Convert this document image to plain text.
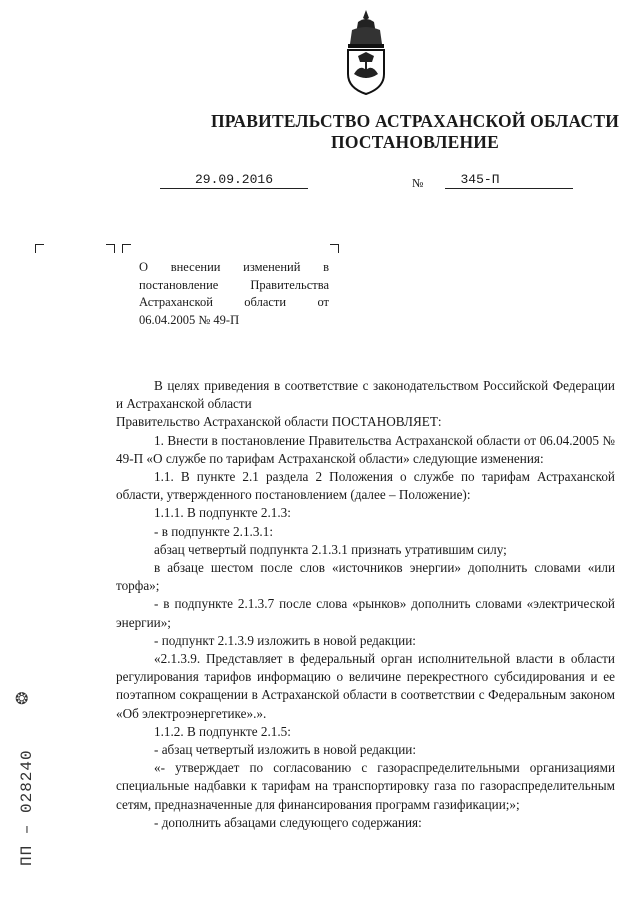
ПРАВИТЕЛЬСТВО АСТРАХАНСКОЙ ОБЛАСТИ
ПОСТАНОВЛЕНИЕ
29.09.2016	№	345-П
О внесении изменений в постановление Правительства Астраханской области от 06.04.2005 № 49-П

В целях приведения в соответствие с законодательством Российской Федерации и Астраханской области

Правительство Астраханской области ПОСТАНОВЛЯЕТ:

1. Внести в постановление Правительства Астраханской области от 06.04.2005 № 49-П «О службе по тарифам Астраханской области» следующие изменения:

1.1. В пункте 2.1 раздела 2 Положения о службе по тарифам Астраханской области, утвержденного постановлением (далее – Положение):

1.1.1. В подпункте 2.1.3:

- в подпункте 2.1.3.1:

абзац четвертый подпункта 2.1.3.1 признать утратившим силу;

в абзаце шестом после слов «источников энергии» дополнить словами «или торфа»;

- в подпункте 2.1.3.7 после слова «рынков» дополнить словами «электрической энергии»;

- подпункт 2.1.3.9 изложить в новой редакции:

«2.1.3.9. Представляет в федеральный орган исполнительной власти в области регулирования тарифов информацию о величине перекрестного субсидирования и ее поэтапном сокращении в Астраханской области в соответствии с Федеральным законом «Об электроэнергетике».».

1.1.2. В подпункте 2.1.5:

- абзац четвертый изложить в новой редакции:

«- утверждает по согласованию с газораспределительными организациями специальные надбавки к тарифам на транспортировку газа по газораспределительным сетям, предназначенные для финансирования программ газификации;»;

- дополнить абзацами следующего содержания:

❂
ПП – 028240
